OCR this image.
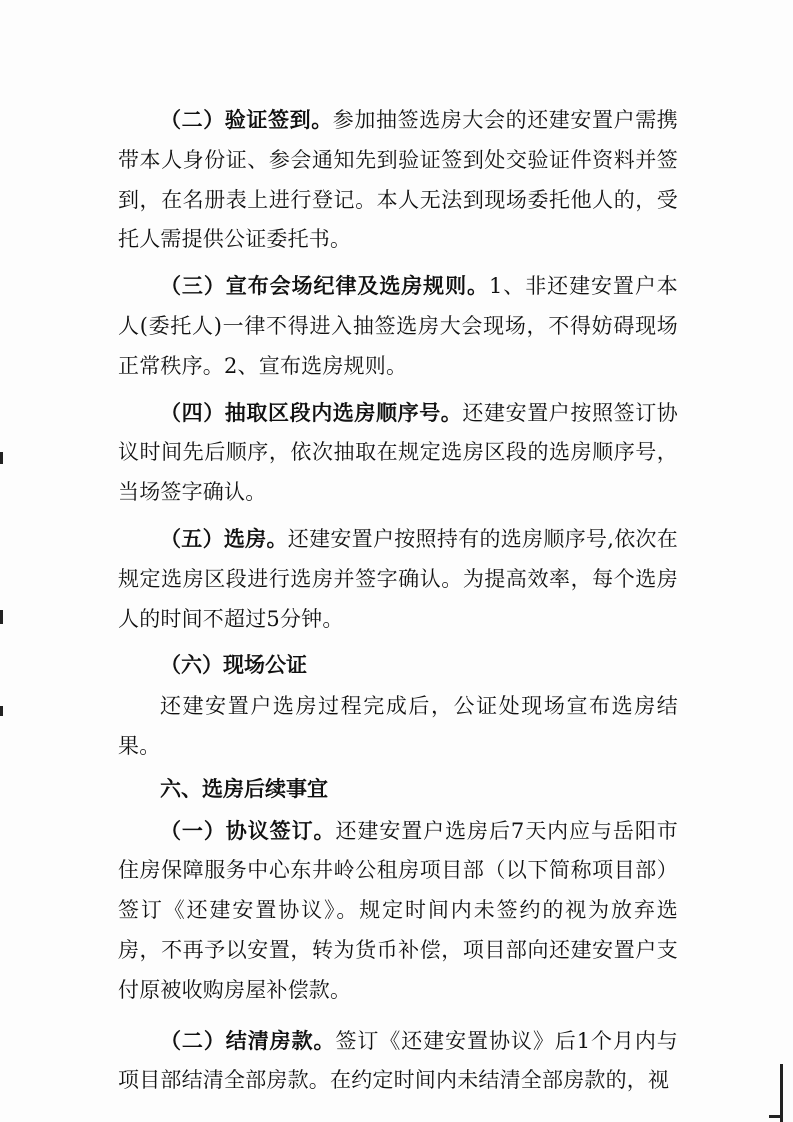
（二）验证签到。参加抽签选房大会的还建安置户需携带本人身份证、参会通知先到验证签到处交验证件资料并签到，在名册表上进行登记。本人无法到现场委托他人的，受托人需提供公证委托书。

（三）宣布会场纪律及选房规则。1、非还建安置户本人(委托人)一律不得进入抽签选房大会现场，不得妨碍现场正常秩序。2、宣布选房规则。

（四）抽取区段内选房顺序号。还建安置户按照签订协议时间先后顺序，依次抽取在规定选房区段的选房顺序号，当场签字确认。

（五）选房。还建安置户按照持有的选房顺序号,依次在规定选房区段进行选房并签字确认。为提高效率，每个选房人的时间不超过5分钟。

（六）现场公证

还建安置户选房过程完成后，公证处现场宣布选房结果。

六、选房后续事宜

（一）协议签订。还建安置户选房后7天内应与岳阳市住房保障服务中心东井岭公租房项目部（以下简称项目部）签订《还建安置协议》。规定时间内未签约的视为放弃选房，不再予以安置，转为货币补偿，项目部向还建安置户支付原被收购房屋补偿款。

（二）结清房款。签订《还建安置协议》后1个月内与项目部结清全部房款。在约定时间内未结清全部房款的，视
